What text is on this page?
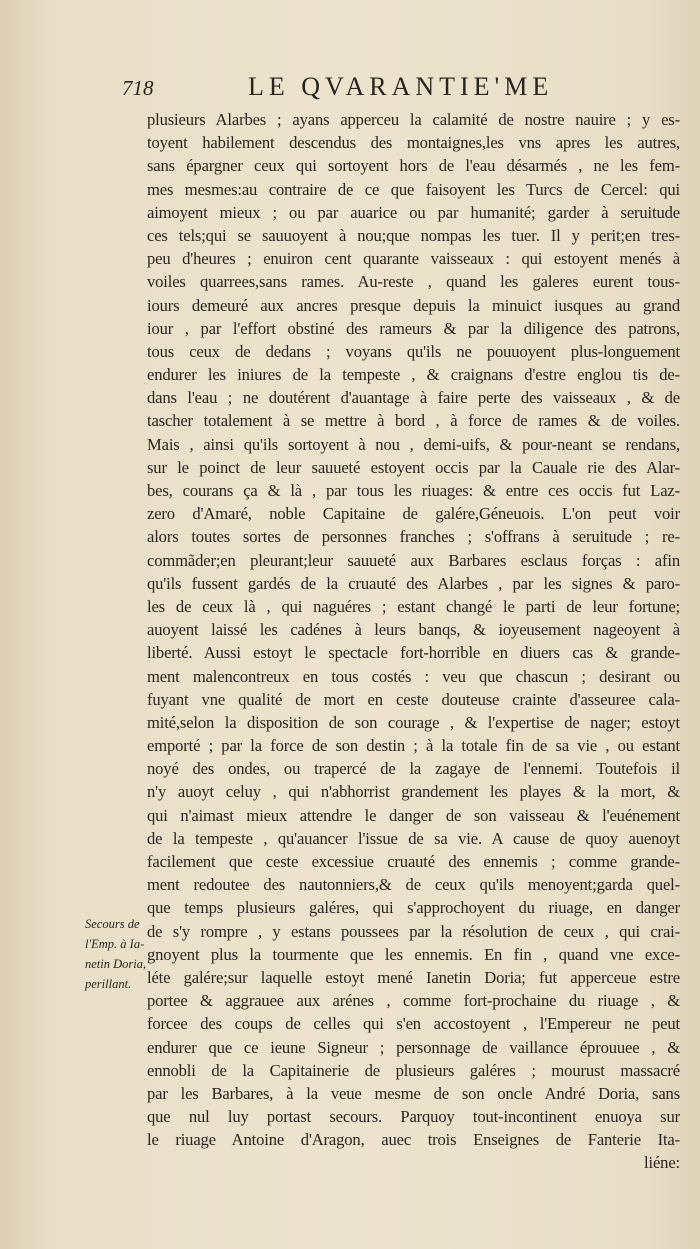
718	LE QVARANTIE'ME
Secours de
l'Emp. à Ia-
netin Doria,
perillant.
plusieurs Alarbes ; ayans apperceu la calamité de nostre nauire ; y es-
toyent habilement descendus des montaignes,les vns apres les autres,
sans épargner ceux qui sortoyent hors de l'eau désarmés , ne les fem-
mes mesmes:au contraire de ce que faisoyent les Turcs de Cercel: qui
aimoyent mieux ; ou par auarice ou par humanité; garder à seruitude
ces tels;qui se sauuoyent à nou;que nompas les tuer. Il y perit;en tres-
peu d'heures ; enuiron cent quarante vaisseaux : qui estoyent menés à
voiles quarrees,sans rames. Au-reste , quand les galeres eurent tous-
iours demeuré aux ancres presque depuis la minuict iusques au grand
iour , par l'effort obstiné des rameurs & par la diligence des patrons,
tous ceux de dedans ; voyans qu'ils ne pouuoyent plus-longuement
endurer les iniures de la tempeste , & craignans d'estre englou tis de-
dans l'eau ; ne doutérent d'auantage à faire perte des vaisseaux , & de
tascher totalement à se mettre à bord , à force de rames & de voiles.
Mais , ainsi qu'ils sortoyent à nou , demi-uifs, & pour-neant se rendans,
sur le poinct de leur sauueté estoyent occis par la Cauale rie des Alar-
bes, courans ça & là , par tous les riuages: & entre ces occis fut Laz-
zero d'Amaré, noble Capitaine de galére,Géneuois. L'on peut voir
alors toutes sortes de personnes franches ; s'offrans à seruitude ; re-
commãder;en pleurant;leur sauueté aux Barbares esclaus forças : afin
qu'ils fussent gardés de la cruauté des Alarbes , par les signes & paro-
les de ceux là , qui naguéres ; estant changé le parti de leur fortune;
auoyent laissé les cadénes à leurs banqs, & ioyeusement nageoyent à
liberté. Aussi estoyt le spectacle fort-horrible en diuers cas & grande-
ment malencontreux en tous costés : veu que chascun ; desirant ou
fuyant vne qualité de mort en ceste douteuse crainte d'asseuree cala-
mité,selon la disposition de son courage , & l'expertise de nager; estoyt
emporté ; par la force de son destin ; à la totale fin de sa vie , ou estant
noyé des ondes, ou trapercé de la zagaye de l'ennemi. Toutefois il
n'y auoyt celuy , qui n'abhorrist grandement les playes & la mort, &
qui n'aimast mieux attendre le danger de son vaisseau & l'euénement
de la tempeste , qu'auancer l'issue de sa vie. A cause de quoy auenoyt
facilement que ceste excessiue cruauté des ennemis ; comme grande-
ment redoutee des nautonniers,& de ceux qu'ils menoyent;garda quel-
que temps plusieurs galéres, qui s'approchoyent du riuage, en danger
de s'y rompre , y estans poussees par la résolution de ceux , qui crai-
gnoyent plus la tourmente que les ennemis. En fin , quand vne exce-
léte galére;sur laquelle estoyt mené Ianetin Doria; fut apperceue estre
portee & aggrauee aux arénes , comme fort-prochaine du riuage , &
forcee des coups de celles qui s'en accostoyent , l'Empereur ne peut
endurer que ce ieune Signeur ; personnage de vaillance éprouuee , &
ennobli de la Capitainerie de plusieurs galéres ; mourust massacré
par les Barbares, à la veue mesme de son oncle André Doria, sans
que nul luy portast secours. Parquoy tout-incontinent enuoya sur
le riuage Antoine d'Aragon, auec trois Enseignes de Fanterie Ita-
liéne:
